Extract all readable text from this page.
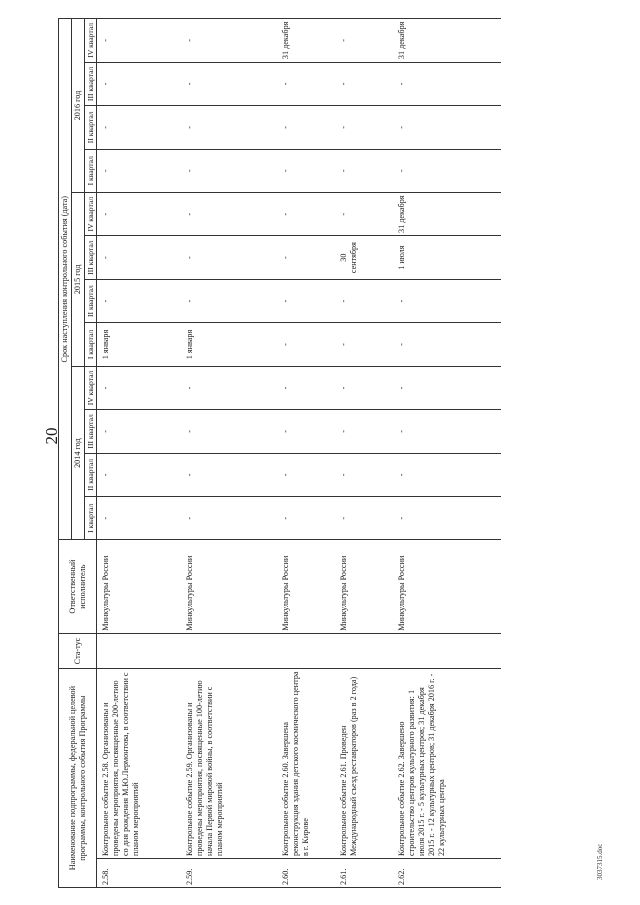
20
3037315.doc
Наименование подпрограммы, федеральной целевой программы, контрольного события Программы		Ста-тус	Ответственный исполнитель	Срок наступления контрольного события (дата)											
				2014 год				2015 год				2016 год			
				I квартал	II квартал	III квартал	IV квартал	I квартал	II квартал	III квартал	IV квартал	I квартал	II квартал	III квартал	IV квартал
2.58.	Контрольное событие 2.58. Организованы и проведены мероприятия, посвященные 200-летию со дня рождения М.Ю.Лермонтова, в соответствии с планом мероприятий		Минкультуры России	-	-	-	-	1 января	-	-	-	-	-	-	-
2.59.	Контрольное событие 2.59. Организованы и проведены мероприятия, посвященные 100-летию начала Первой мировой войны, в соответствии с планом мероприятий		Минкультуры России	-	-	-	-	1 января	-	-	-	-	-	-	-
2.60.	Контрольное событие 2.60. Завершена реконструкция здания детского космического центра в г. Кирове		Минкультуры России	-	-	-	-	-	-	-	-	-	-	-	31 декабря
2.61.	Контрольное событие 2.61. Проведен Международный съезд реставраторов (раз в 2 года)		Минкультуры России	-	-	-	-	-	-	30 сентября	-	-	-	-	-
2.62.	Контрольное событие 2.62. Завершено строительство центров культурного развития: 1 июля 2015 г. - 5 культурных центров; 31 декабря 2015 г. - 12 культурных центров; 31 декабря 2016 г. - 22 культурных центра		Минкультуры России	-	-	-	-	-	-	1 июля	31 декабря	-	-	-	31 декабря
